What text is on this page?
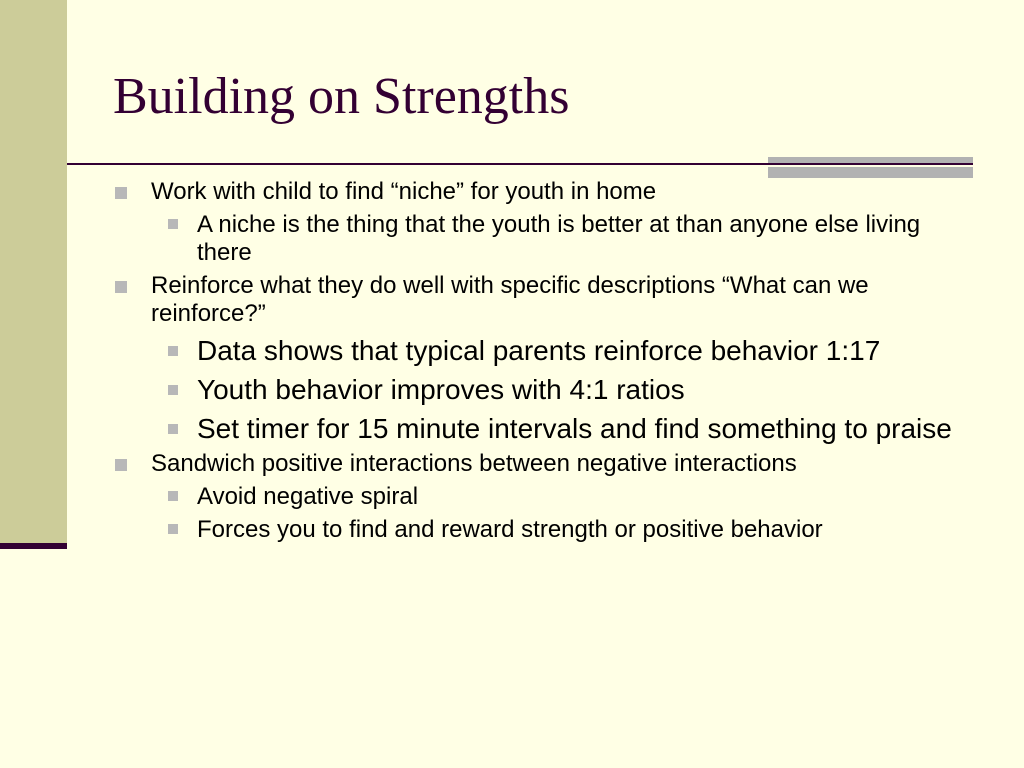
Building on Strengths
Work with child to find “niche” for youth in home
A niche is the thing that the youth is better at than anyone else living there
Reinforce what they do well with specific descriptions “What can we reinforce?”
Data shows that typical parents reinforce behavior 1:17
Youth behavior improves with 4:1 ratios
Set timer for 15 minute intervals and find something to praise
Sandwich positive interactions between negative interactions
Avoid negative spiral
Forces you to find and reward strength or positive behavior
